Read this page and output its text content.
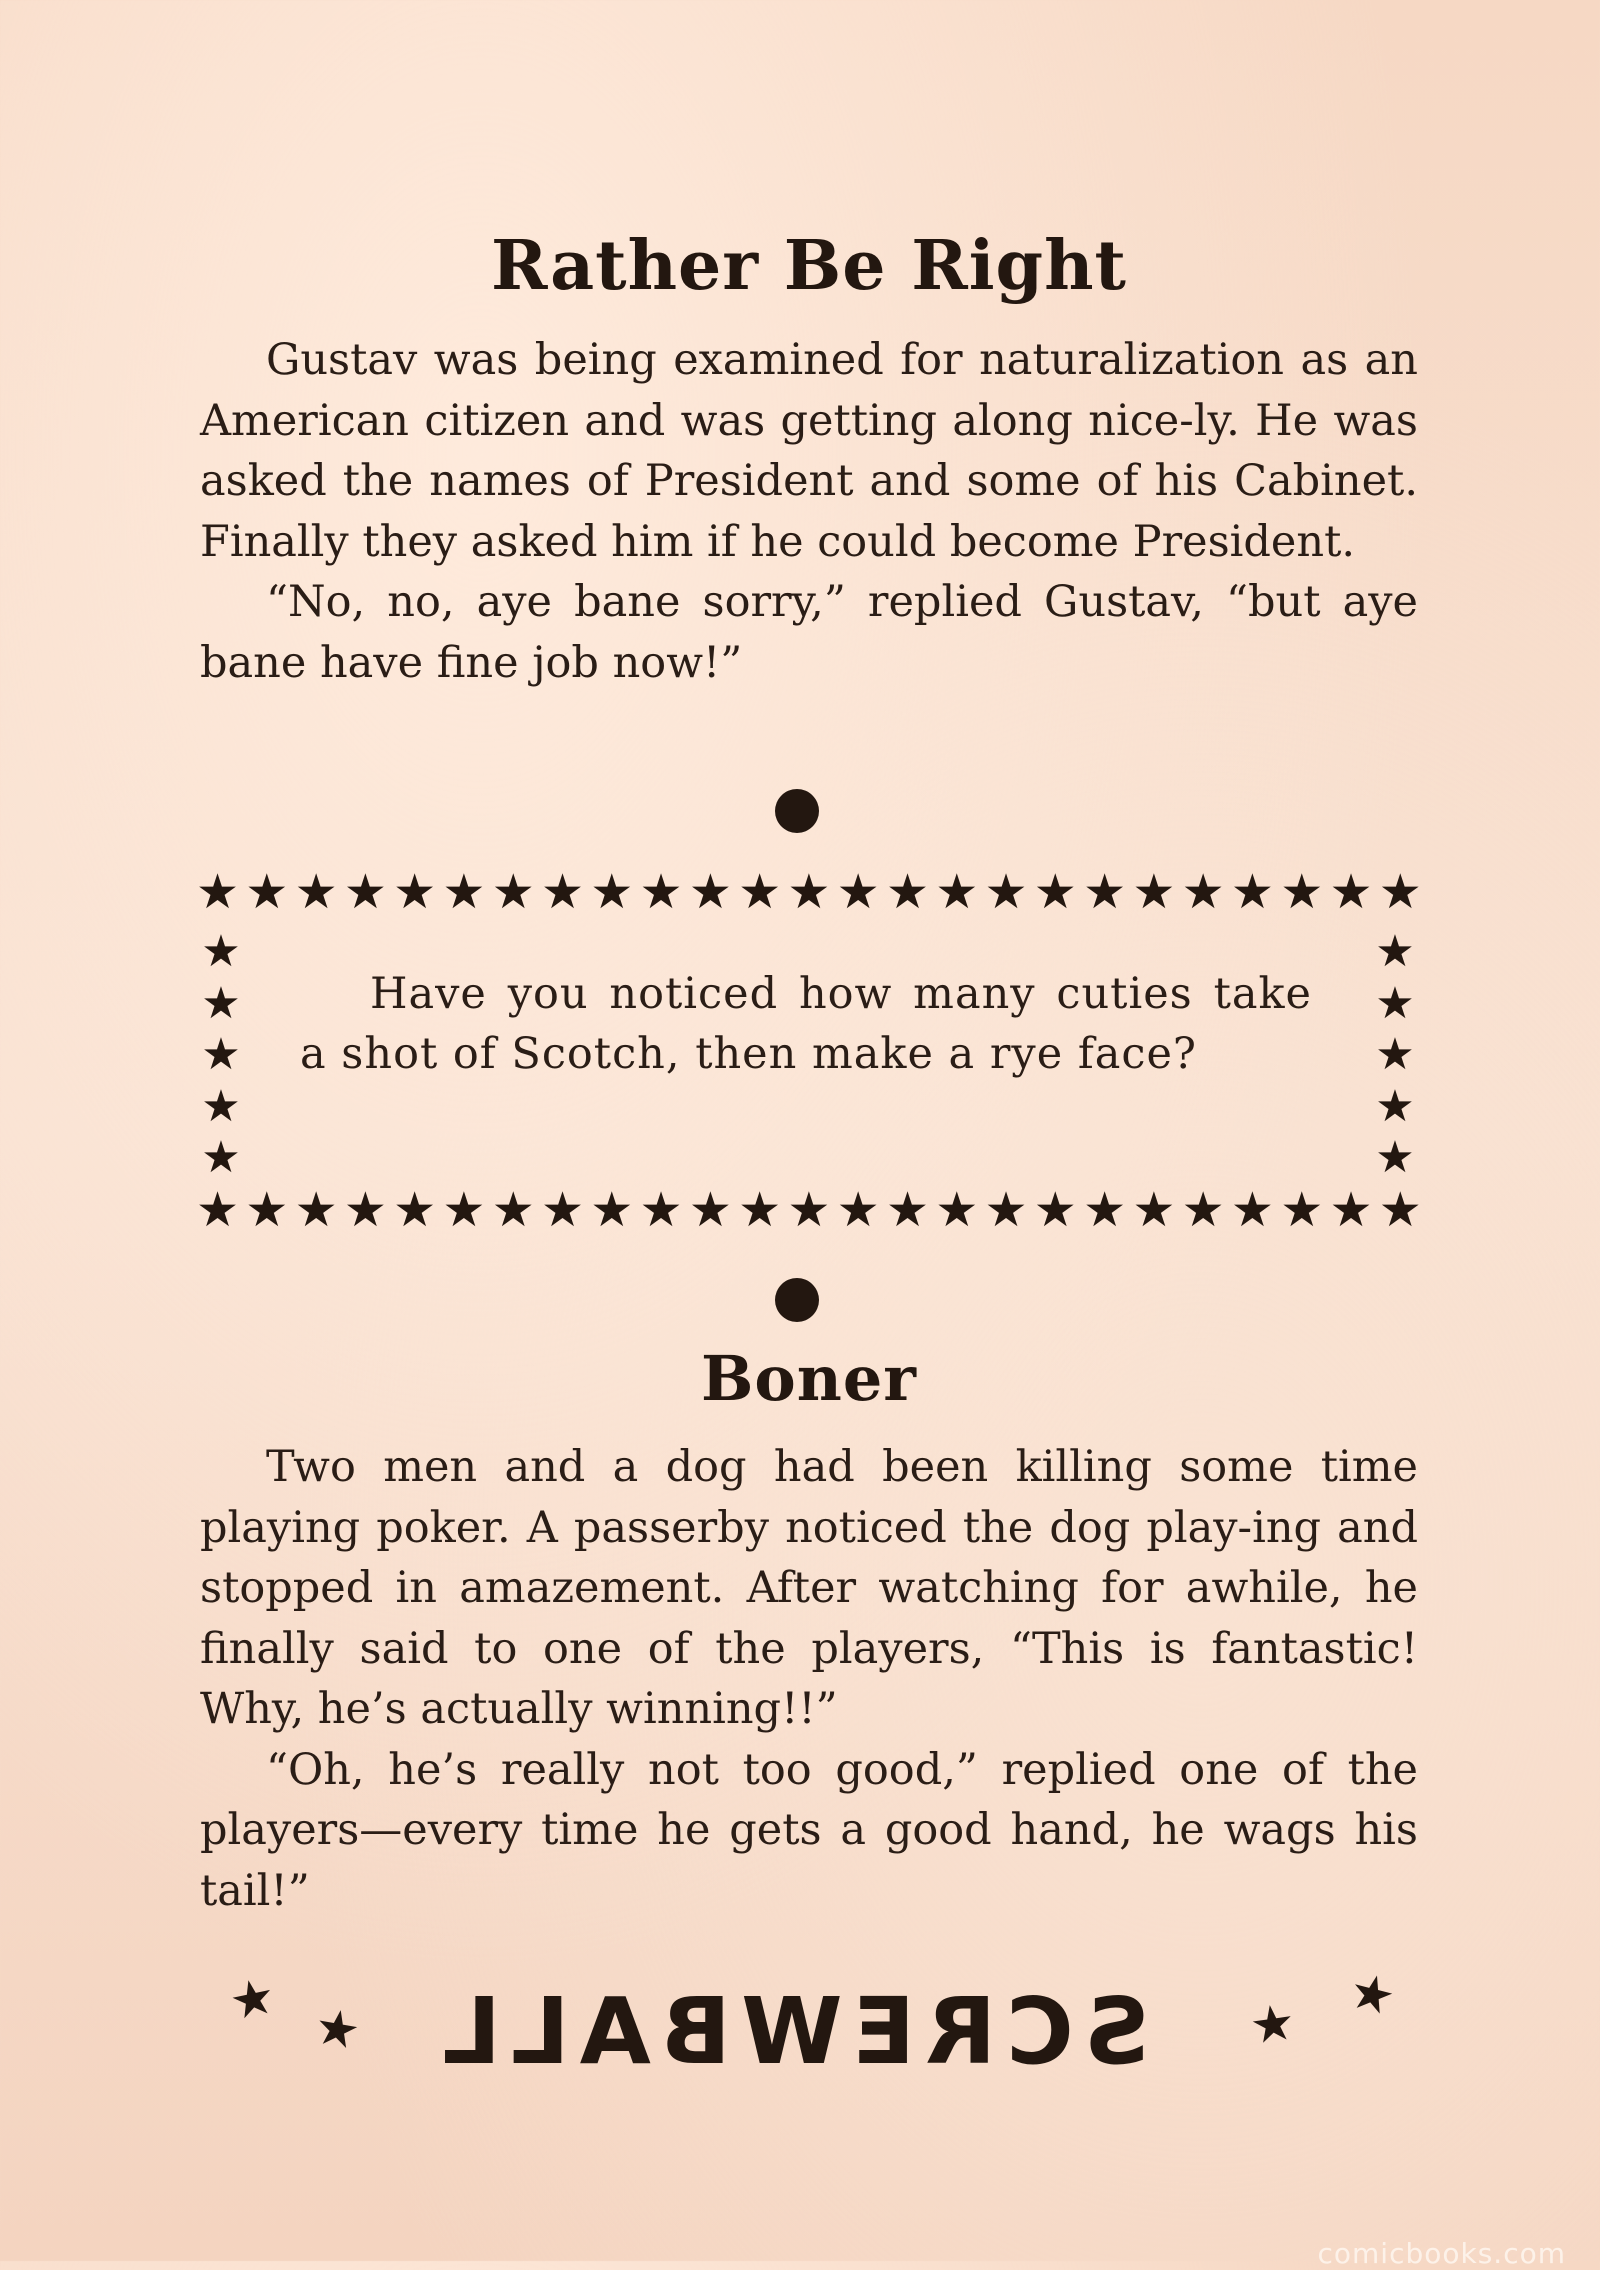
Rather Be Right
Gustav was being examined for naturalization as an American citizen and was getting along nice-ly. He was asked the names of President and some of his Cabinet. Finally they asked him if he could become President.
“No, no, aye bane sorry,” replied Gustav, “but aye bane have fine job now!”
★ ★ ★ ★ ★ ★ ★ ★ ★ ★ ★ ★ ★ ★ ★ ★ ★ ★ ★ ★ ★ ★ ★ ★ ★
★
★
★
★
★
★
★
★
★
★
★ ★ ★ ★ ★ ★ ★ ★ ★ ★ ★ ★ ★ ★ ★ ★ ★ ★ ★ ★ ★ ★ ★ ★ ★

Have you noticed how many cuties take a shot of Scotch, then make a rye face?

Boner
Two men and a dog had been killing some time playing poker. A passerby noticed the dog play-ing and stopped in amazement. After watching for awhile, he finally said to one of the players, “This is fantastic! Why, he’s actually winning!!”
“Oh, he’s really not too good,” replied one of the players—every time he gets a good hand, he wags his tail!”
★ ★ SCREWBALL ★ ★
comicbooks.com
